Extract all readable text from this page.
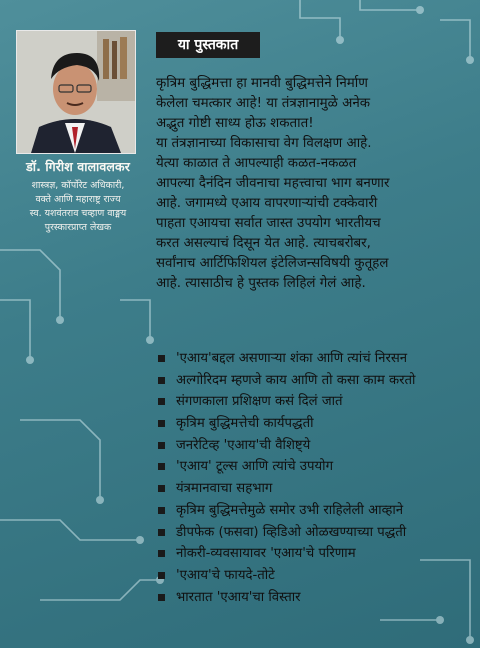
डॉ. गिरीश वालावलकर
शास्त्रज्ञ, कॉर्पोरेट अधिकारी,
वक्ते आणि महाराष्ट्र राज्य
स्व. यशवंतराव चव्हाण वाङ्मय
पुरस्कारप्राप्त लेखक
या पुस्तकात
कृत्रिम बुद्धिमत्ता हा मानवी बुद्धिमत्तेने निर्माण
केलेला चमत्कार आहे! या तंत्रज्ञानामुळे अनेक
अद्भुत गोष्टी साध्य होऊ शकतात!
या तंत्रज्ञानाच्या विकासाचा वेग विलक्षण आहे.
येत्या काळात ते आपल्याही कळत-नकळत
आपल्या दैनंदिन जीवनाचा महत्त्वाचा भाग बनणार
आहे. जगामध्ये एआय वापरणाऱ्यांची टक्केवारी
पाहता एआयचा सर्वात जास्त उपयोग भारतीयच
करत असल्याचं दिसून येत आहे. त्याचबरोबर,
सर्वांनाच आर्टिफिशियल इंटेलिजन्सविषयी कुतूहल
आहे. त्यासाठीच हे पुस्तक लिहिलं गेलं आहे.
'एआय'बद्दल असणाऱ्या शंका आणि त्यांचं निरसन
अल्गोरिदम म्हणजे काय आणि तो कसा काम करतो
संगणकाला प्रशिक्षण कसं दिलं जातं
कृत्रिम बुद्धिमत्तेची कार्यपद्धती
जनरेटिव्ह 'एआय'ची वैशिष्ट्ये
'एआय' टूल्स आणि त्यांचे उपयोग
यंत्रमानवाचा सहभाग
कृत्रिम बुद्धिमत्तेमुळे समोर उभी राहिलेली आव्हाने
डीपफेक (फसवा) व्हिडिओ ओळखण्याच्या पद्धती
नोकरी-व्यवसायावर 'एआय'चे परिणाम
'एआय'चे फायदे-तोटे
भारतात 'एआय'चा विस्तार
